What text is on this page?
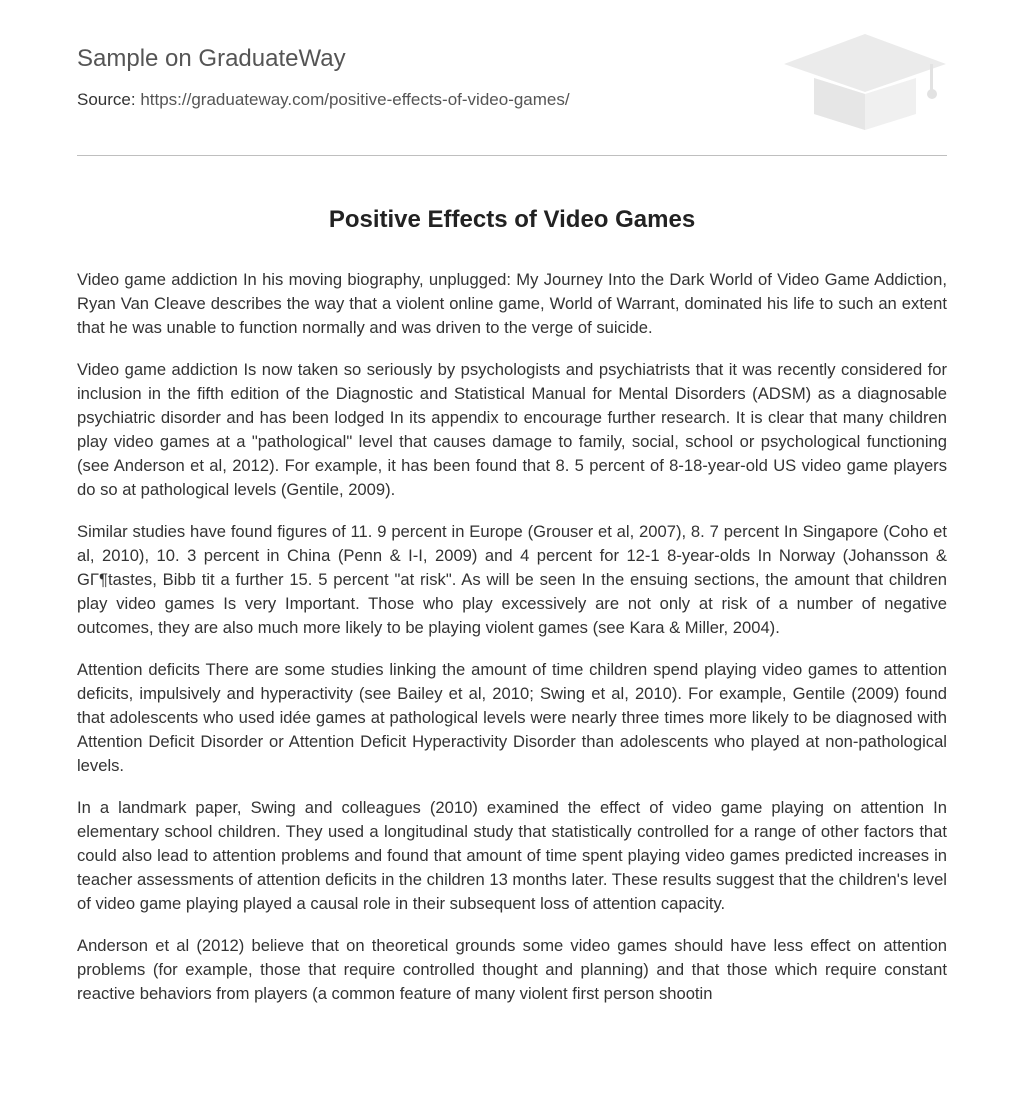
Sample on GraduateWay
Source: https://graduateway.com/positive-effects-of-video-games/
Positive Effects of Video Games

Video game addiction In his moving biography, unplugged: My Journey Into the Dark World of Video Game Addiction, Ryan Van Cleave describes the way that a violent online game, World of Warrant, dominated his life to such an extent that he was unable to function normally and was driven to the verge of suicide.

Video game addiction Is now taken so seriously by psychologists and psychiatrists that it was recently considered for inclusion in the fifth edition of the Diagnostic and Statistical Manual for Mental Disorders (ADSM) as a diagnosable psychiatric disorder and has been lodged In its appendix to encourage further research. It is clear that many children play video games at a "pathological" level that causes damage to family, social, school or psychological functioning (see Anderson et al, 2012). For example, it has been found that 8. 5 percent of 8-18-year-old US video game players do so at pathological levels (Gentile, 2009).

Similar studies have found figures of 11. 9 percent in Europe (Grouser et al, 2007), 8. 7 percent In Singapore (Coho et al, 2010), 10. 3 percent in China (Penn & I-I, 2009) and 4 percent for 12-1 8-year-olds In Norway (Johansson & GΓ¶tastes, Bibb tit a further 15. 5 percent "at risk". As will be seen In the ensuing sections, the amount that children play video games Is very Important. Those who play excessively are not only at risk of a number of negative outcomes, they are also much more likely to be playing violent games (see Kara & Miller, 2004).

Attention deficits There are some studies linking the amount of time children spend playing video games to attention deficits, impulsively and hyperactivity (see Bailey et al, 2010; Swing et al, 2010). For example, Gentile (2009) found that adolescents who used idée games at pathological levels were nearly three times more likely to be diagnosed with Attention Deficit Disorder or Attention Deficit Hyperactivity Disorder than adolescents who played at non-pathological levels.

In a landmark paper, Swing and colleagues (2010) examined the effect of video game playing on attention In elementary school children. They used a longitudinal study that statistically controlled for a range of other factors that could also lead to attention problems and found that amount of time spent playing video games predicted increases in teacher assessments of attention deficits in the children 13 months later. These results suggest that the children's level of video game playing played a causal role in their subsequent loss of attention capacity.

Anderson et al (2012) believe that on theoretical grounds some video games should have less effect on attention problems (for example, those that require controlled thought and planning) and that those which require constant reactive behaviors from players (a common feature of many violent first person shootin
